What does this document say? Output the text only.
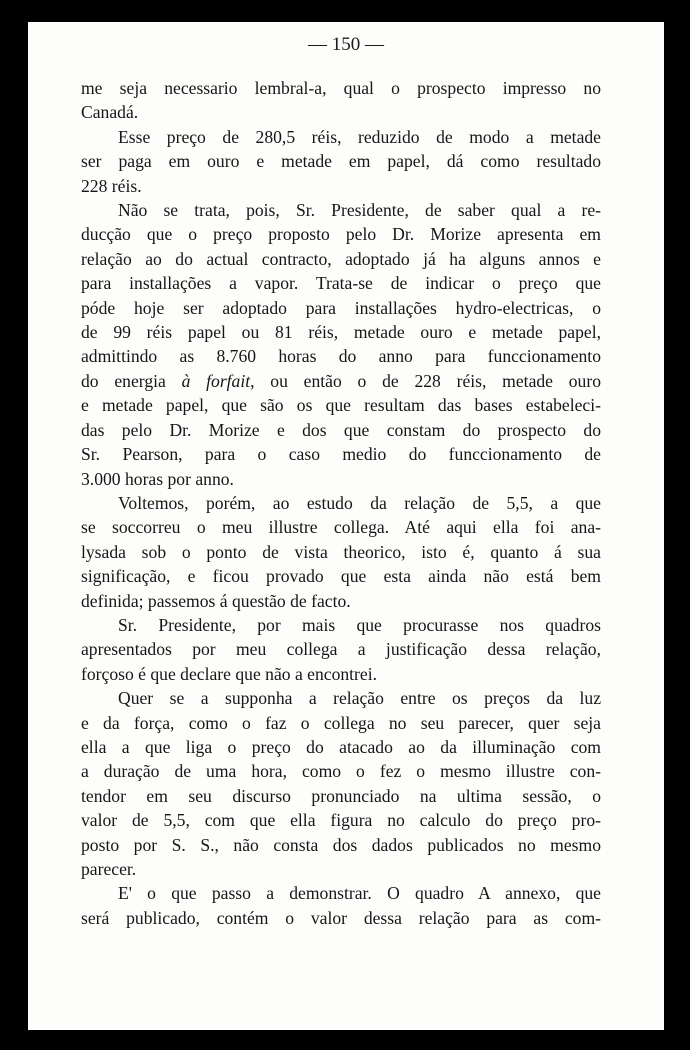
— 150 —

me seja necessario lembral-a, qual o prospecto impresso no
Canadá.

Esse preço de 280,5 réis, reduzido de modo a metade
ser paga em ouro e metade em papel, dá como resultado
228 réis.

Não se trata, pois, Sr. Presidente, de saber qual a re-
ducção que o preço proposto pelo Dr. Morize apresenta em
relação ao do actual contracto, adoptado já ha alguns annos e
para installações a vapor. Trata-se de indicar o preço que
póde hoje ser adoptado para installações hydro-electricas, o
de 99 réis papel ou 81 réis, metade ouro e metade papel,
admittindo as 8.760 horas do anno para funccionamento
do energia à forfait, ou então o de 228 réis, metade ouro
e metade papel, que são os que resultam das bases estabeleci-
das pelo Dr. Morize e dos que constam do prospecto do
Sr. Pearson, para o caso medio do funccionamento de
3.000 horas por anno.

Voltemos, porém, ao estudo da relação de 5,5, a que
se soccorreu o meu illustre collega. Até aqui ella foi ana-
lysada sob o ponto de vista theorico, isto é, quanto á sua
significação, e ficou provado que esta ainda não está bem
definida; passemos á questão de facto.

Sr. Presidente, por mais que procurasse nos quadros
apresentados por meu collega a justificação dessa relação,
forçoso é que declare que não a encontrei.

Quer se a supponha a relação entre os preços da luz
e da força, como o faz o collega no seu parecer, quer seja
ella a que liga o preço do atacado ao da illuminação com
a duração de uma hora, como o fez o mesmo illustre con-
tendor em seu discurso pronunciado na ultima sessão, o
valor de 5,5, com que ella figura no calculo do preço pro-
posto por S. S., não consta dos dados publicados no mesmo
parecer.

E' o que passo a demonstrar. O quadro A annexo, que
será publicado, contém o valor dessa relação para as com-
